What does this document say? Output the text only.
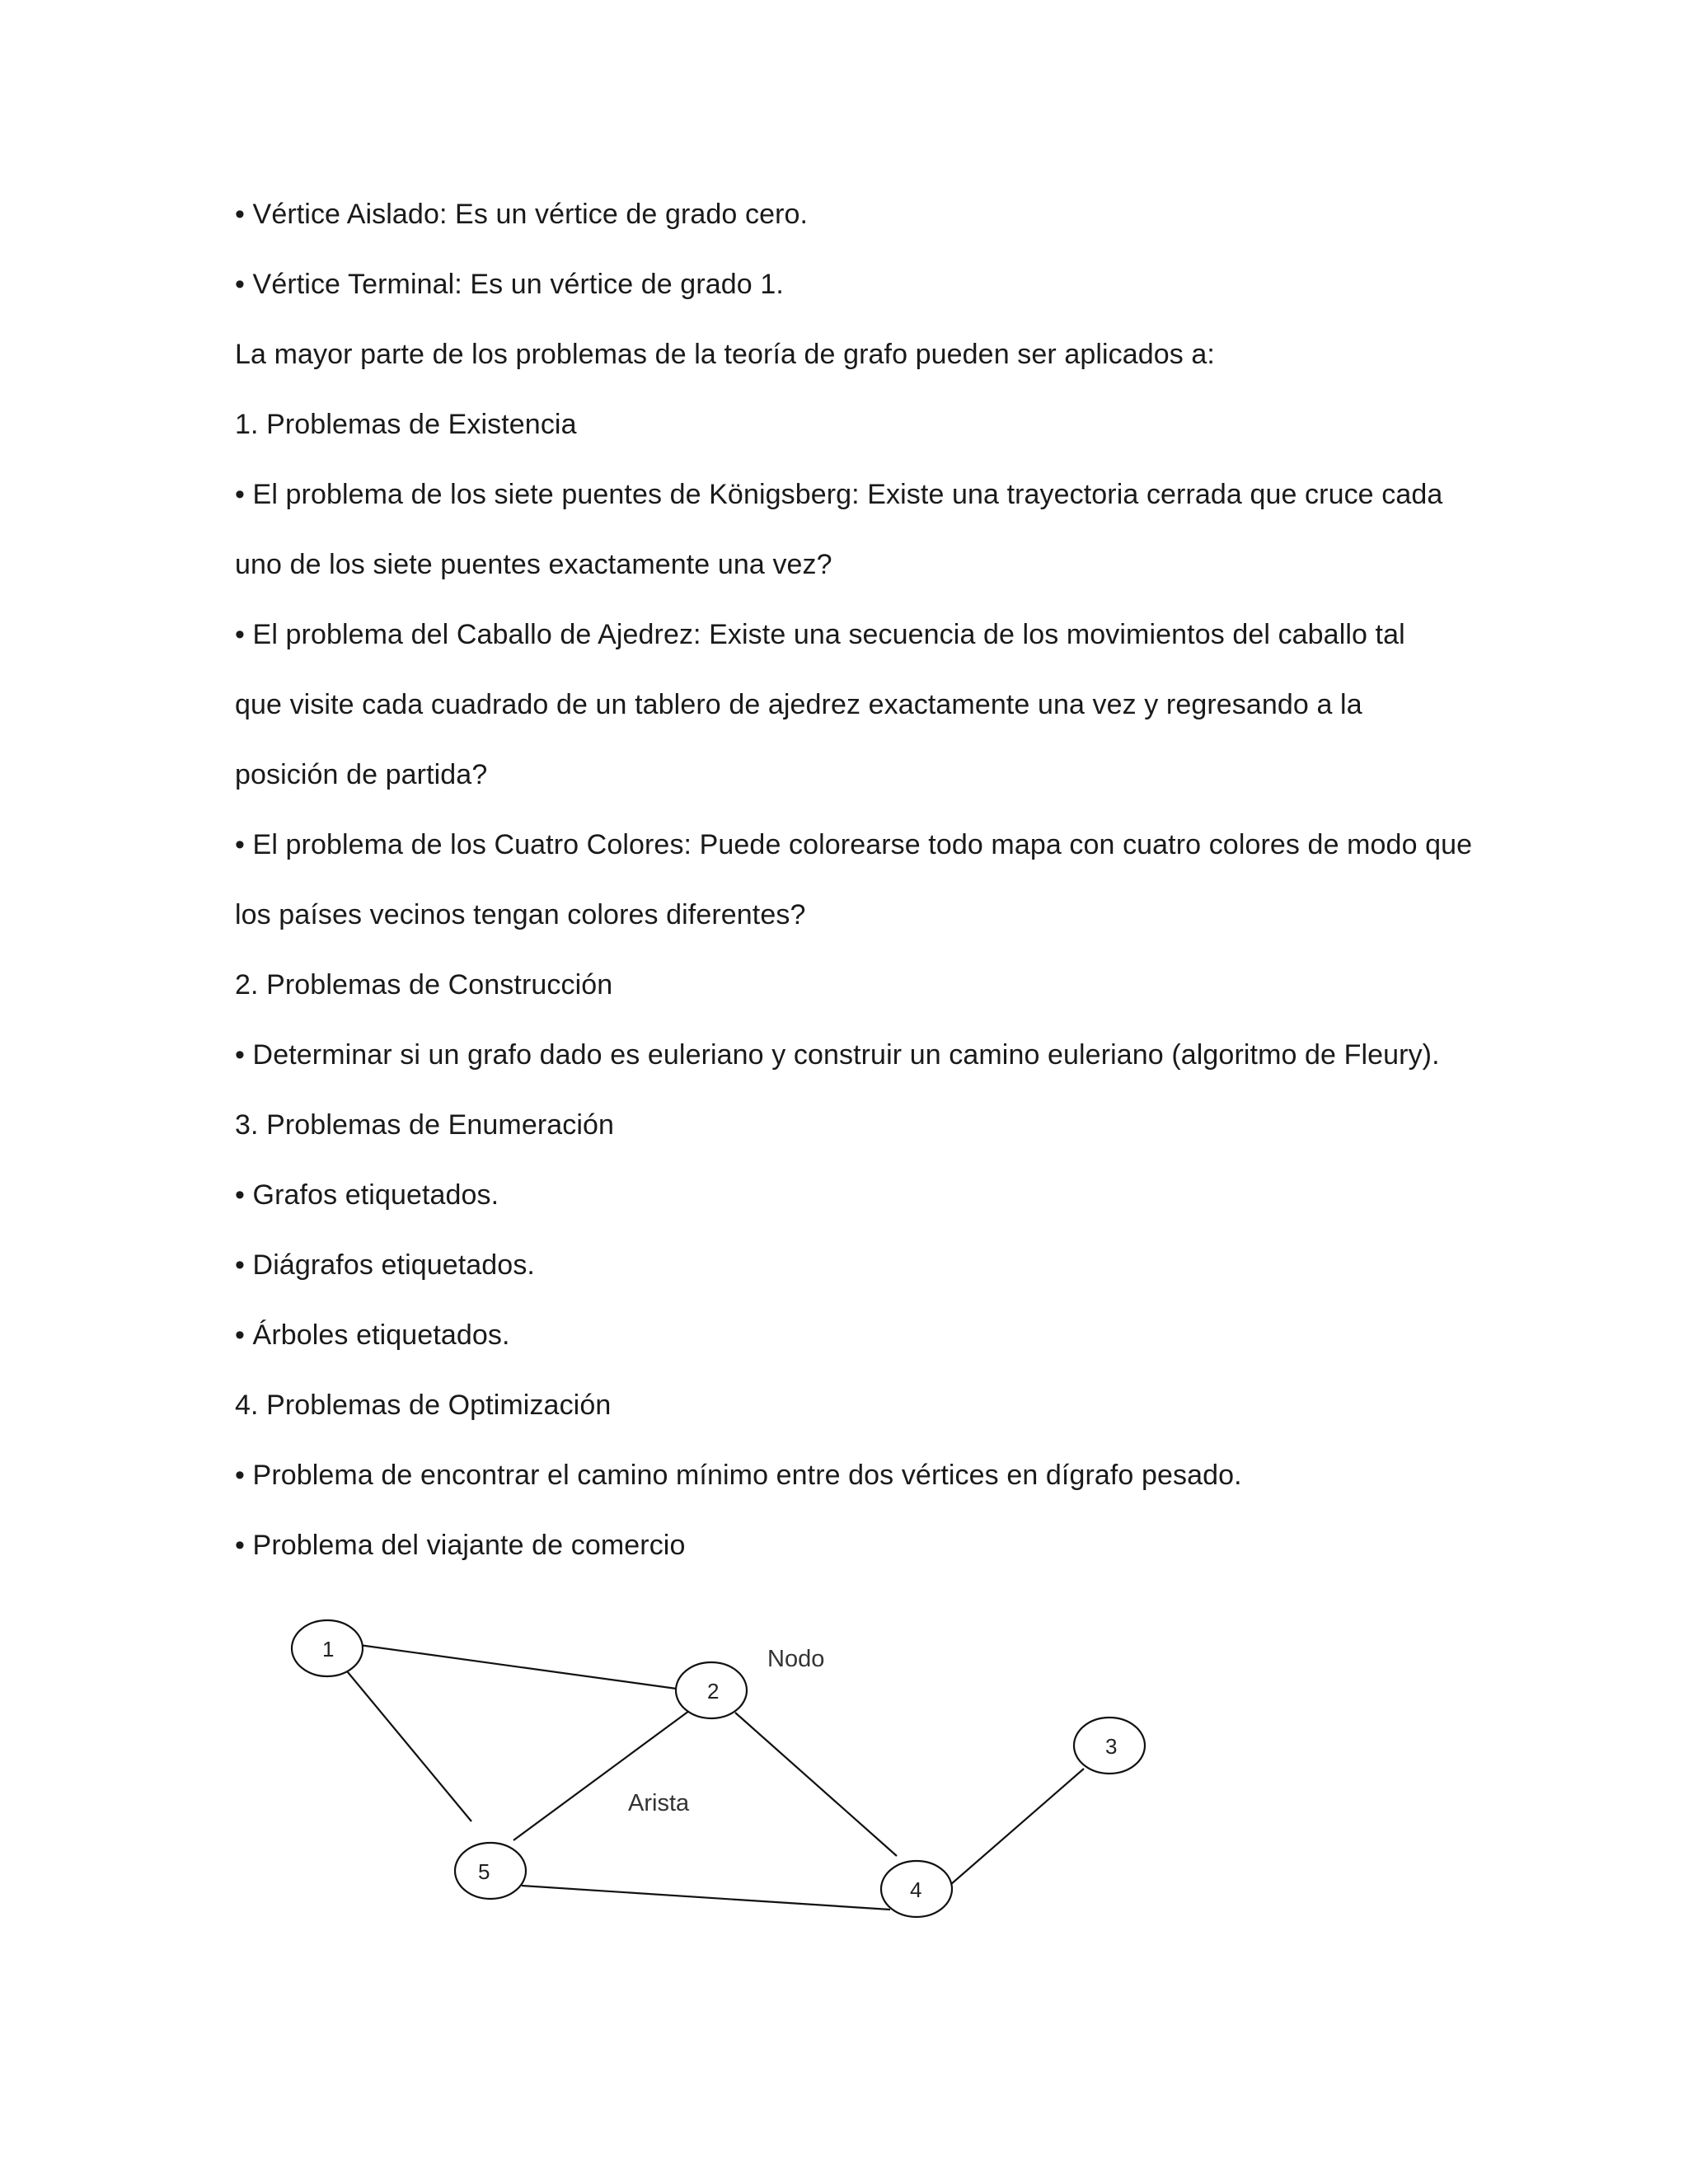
• Vértice Aislado: Es un vértice de grado cero.
• Vértice Terminal: Es un vértice de grado 1.
La mayor parte de los problemas de la teoría de grafo pueden ser aplicados a:
1. Problemas de Existencia
• El problema de los siete puentes de Königsberg: Existe una trayectoria cerrada que cruce cada
uno de los siete puentes exactamente una vez?
• El problema del Caballo de Ajedrez: Existe una secuencia de los movimientos del caballo tal
que visite cada cuadrado de un tablero de ajedrez exactamente una vez y regresando a la
posición de partida?
• El problema de los Cuatro Colores: Puede colorearse todo mapa con cuatro colores de modo que
los países vecinos tengan colores diferentes?
2. Problemas de Construcción
• Determinar si un grafo dado es euleriano y construir un camino euleriano (algoritmo de Fleury).
3. Problemas de Enumeración
• Grafos etiquetados.
• Diágrafos etiquetados.
• Árboles etiquetados.
4. Problemas de Optimización
• Problema de encontrar el camino mínimo entre dos vértices en dígrafo pesado.
• Problema del viajante de comercio
1
2
3
4
5
Nodo
Arista
